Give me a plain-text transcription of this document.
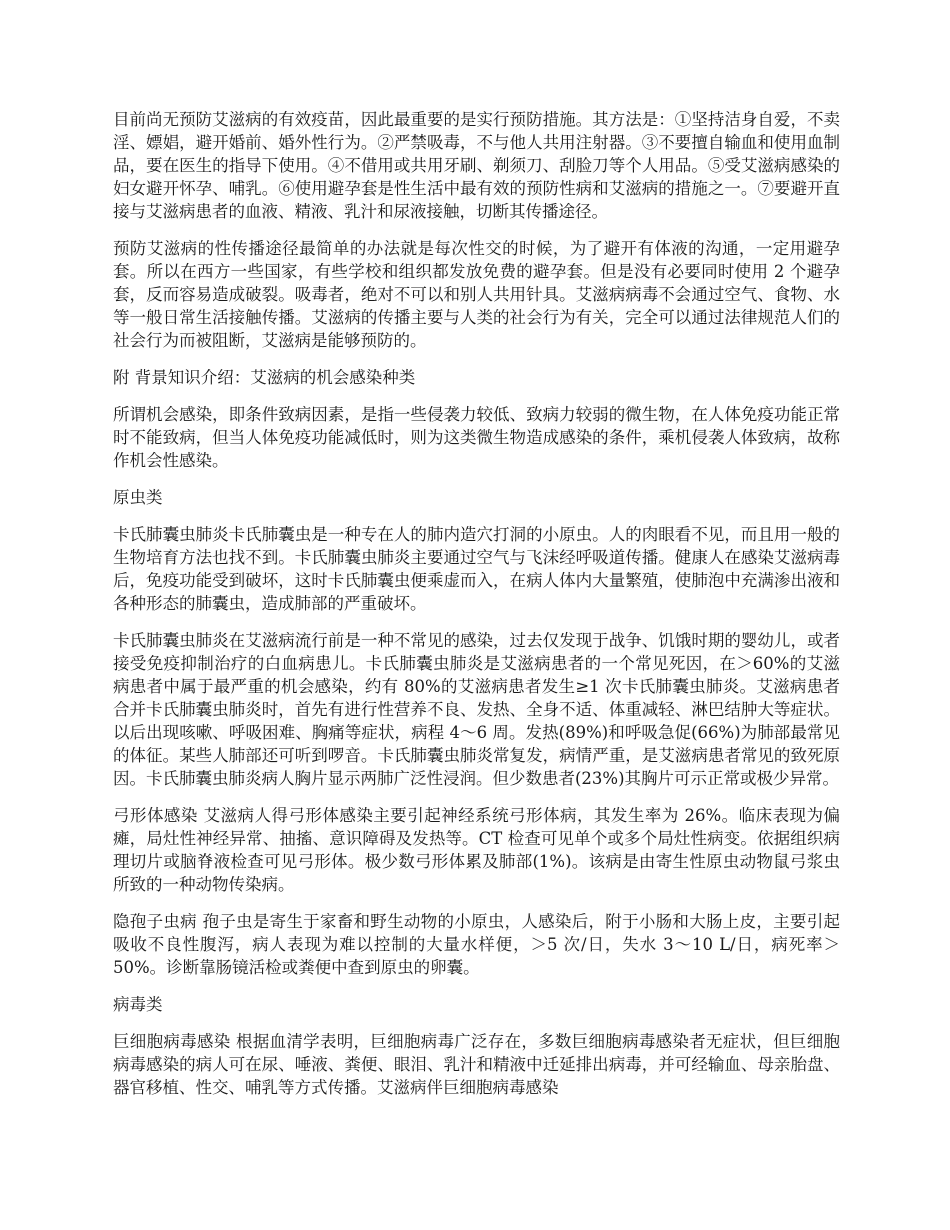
目前尚无预防艾滋病的有效疫苗，因此最重要的是实行预防措施。其方法是：①坚持洁身自爱，不卖淫、嫖娼，避开婚前、婚外性行为。②严禁吸毒，不与他人共用注射器。③不要擅自输血和使用血制品，要在医生的指导下使用。④不借用或共用牙刷、剃须刀、刮脸刀等个人用品。⑤受艾滋病感染的妇女避开怀孕、哺乳。⑥使用避孕套是性生活中最有效的预防性病和艾滋病的措施之一。⑦要避开直接与艾滋病患者的血液、精液、乳汁和尿液接触，切断其传播途径。

预防艾滋病的性传播途径最简单的办法就是每次性交的时候，为了避开有体液的沟通，一定用避孕套。所以在西方一些国家，有些学校和组织都发放免费的避孕套。但是没有必要同时使用 2 个避孕套，反而容易造成破裂。吸毒者，绝对不可以和别人共用针具。艾滋病病毒不会通过空气、食物、水等一般日常生活接触传播。艾滋病的传播主要与人类的社会行为有关，完全可以通过法律规范人们的社会行为而被阻断，艾滋病是能够预防的。

附 背景知识介绍：艾滋病的机会感染种类

所谓机会感染，即条件致病因素，是指一些侵袭力较低、致病力较弱的微生物，在人体免疫功能正常时不能致病，但当人体免疫功能减低时，则为这类微生物造成感染的条件，乘机侵袭人体致病，故称作机会性感染。

原虫类

卡氏肺囊虫肺炎卡氏肺囊虫是一种专在人的肺内造穴打洞的小原虫。人的肉眼看不见，而且用一般的生物培育方法也找不到。卡氏肺囊虫肺炎主要通过空气与飞沫经呼吸道传播。健康人在感染艾滋病毒后，免疫功能受到破坏，这时卡氏肺囊虫便乘虚而入，在病人体内大量繁殖，使肺泡中充满渗出液和各种形态的肺囊虫，造成肺部的严重破坏。

卡氏肺囊虫肺炎在艾滋病流行前是一种不常见的感染，过去仅发现于战争、饥饿时期的婴幼儿，或者接受免疫抑制治疗的白血病患儿。卡氏肺囊虫肺炎是艾滋病患者的一个常见死因，在＞60%的艾滋病患者中属于最严重的机会感染，约有 80%的艾滋病患者发生≥1 次卡氏肺囊虫肺炎。艾滋病患者合并卡氏肺囊虫肺炎时，首先有进行性营养不良、发热、全身不适、体重减轻、淋巴结肿大等症状。以后出现咳嗽、呼吸困难、胸痛等症状，病程 4～6 周。发热(89%)和呼吸急促(66%)为肺部最常见的体征。某些人肺部还可听到啰音。卡氏肺囊虫肺炎常复发，病情严重，是艾滋病患者常见的致死原因。卡氏肺囊虫肺炎病人胸片显示两肺广泛性浸润。但少数患者(23%)其胸片可示正常或极少异常。

弓形体感染 艾滋病人得弓形体感染主要引起神经系统弓形体病，其发生率为 26%。临床表现为偏瘫，局灶性神经异常、抽搐、意识障碍及发热等。CT 检查可见单个或多个局灶性病变。依据组织病理切片或脑脊液检查可见弓形体。极少数弓形体累及肺部(1%)。该病是由寄生性原虫动物鼠弓浆虫所致的一种动物传染病。

隐孢子虫病 孢子虫是寄生于家畜和野生动物的小原虫，人感染后，附于小肠和大肠上皮，主要引起吸收不良性腹泻，病人表现为难以控制的大量水样便，＞5 次/日，失水 3～10 L/日，病死率＞50%。诊断靠肠镜活检或粪便中查到原虫的卵囊。

病毒类

巨细胞病毒感染 根据血清学表明，巨细胞病毒广泛存在，多数巨细胞病毒感染者无症状，但巨细胞病毒感染的病人可在尿、唾液、粪便、眼泪、乳汁和精液中迁延排出病毒，并可经输血、母亲胎盘、器官移植、性交、哺乳等方式传播。艾滋病伴巨细胞病毒感染
